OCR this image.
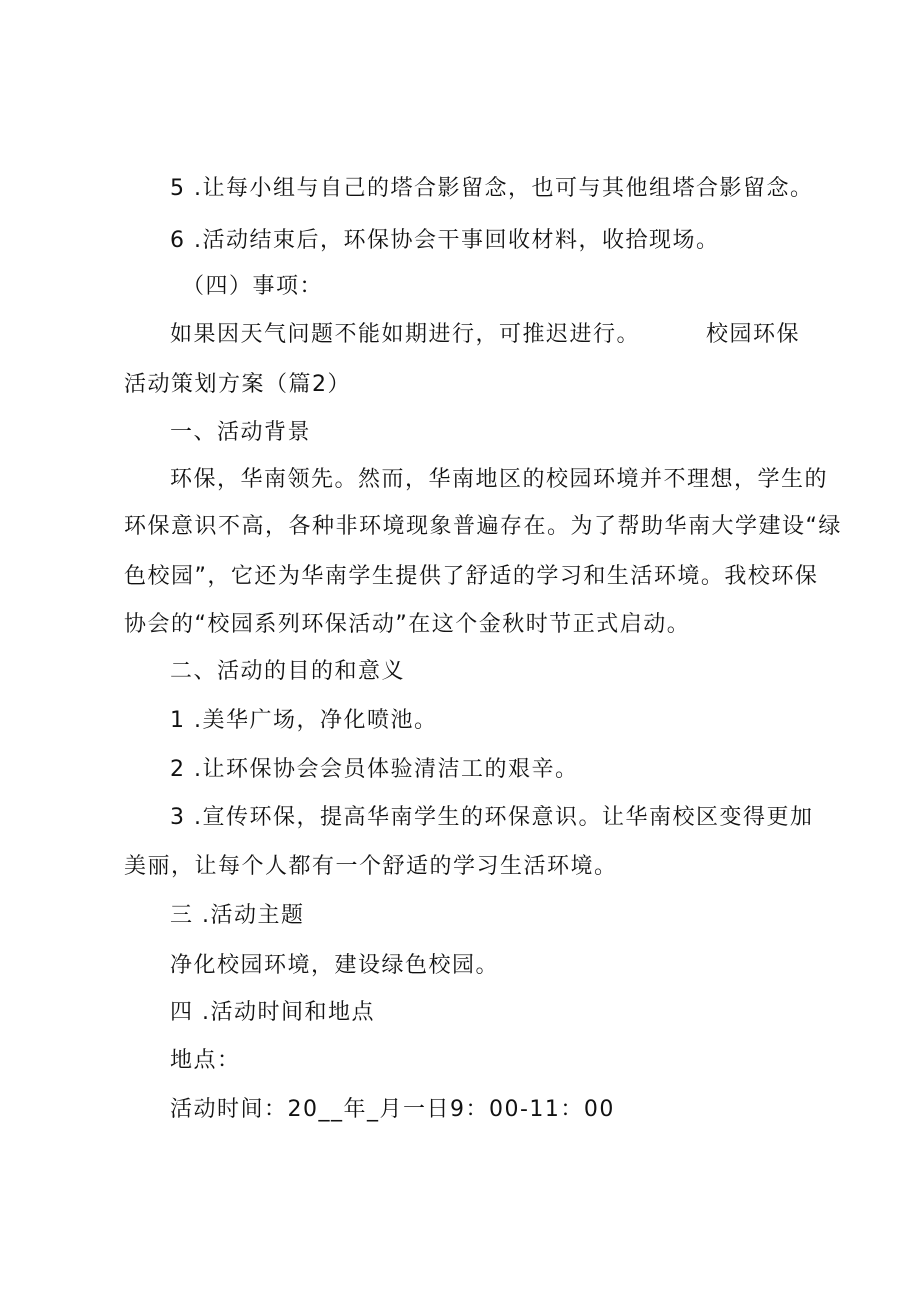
5 .让每小组与自己的塔合影留念，也可与其他组塔合影留念。
6 .活动结束后，环保协会干事回收材料，收拾现场。
（四）事项：
如果因天气问题不能如期进行，可推迟进行。	校园环保
活动策划方案（篇2）
一、活动背景
环保，华南领先。然而，华南地区的校园环境并不理想，学生的
环保意识不高，各种非环境现象普遍存在。为了帮助华南大学建设“绿
色校园”，它还为华南学生提供了舒适的学习和生活环境。我校环保
协会的“校园系列环保活动”在这个金秋时节正式启动。
二、活动的目的和意义
1 .美华广场，净化喷池。
2 .让环保协会会员体验清洁工的艰辛。
3 .宣传环保，提高华南学生的环保意识。让华南校区变得更加
美丽，让每个人都有一个舒适的学习生活环境。
三 .活动主题
净化校园环境，建设绿色校园。
四 .活动时间和地点
地点：
活动时间：20__年_月一日9：00-11：00
